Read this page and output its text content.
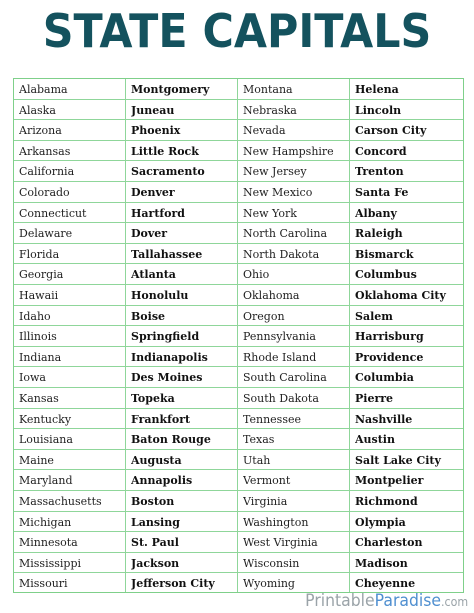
STATE CAPITALS
Alabama	Montgomery	Montana	Helena
Alaska	Juneau	Nebraska	Lincoln
Arizona	Phoenix	Nevada	Carson City
Arkansas	Little Rock	New Hampshire	Concord
California	Sacramento	New Jersey	Trenton
Colorado	Denver	New Mexico	Santa Fe
Connecticut	Hartford	New York	Albany
Delaware	Dover	North Carolina	Raleigh
Florida	Tallahassee	North Dakota	Bismarck
Georgia	Atlanta	Ohio	Columbus
Hawaii	Honolulu	Oklahoma	Oklahoma City
Idaho	Boise	Oregon	Salem
Illinois	Springfield	Pennsylvania	Harrisburg
Indiana	Indianapolis	Rhode Island	Providence
Iowa	Des Moines	South Carolina	Columbia
Kansas	Topeka	South Dakota	Pierre
Kentucky	Frankfort	Tennessee	Nashville
Louisiana	Baton Rouge	Texas	Austin
Maine	Augusta	Utah	Salt Lake City
Maryland	Annapolis	Vermont	Montpelier
Massachusetts	Boston	Virginia	Richmond
Michigan	Lansing	Washington	Olympia
Minnesota	St. Paul	West Virginia	Charleston
Mississippi	Jackson	Wisconsin	Madison
Missouri	Jefferson City	Wyoming	Cheyenne
PrintableParadise.com
